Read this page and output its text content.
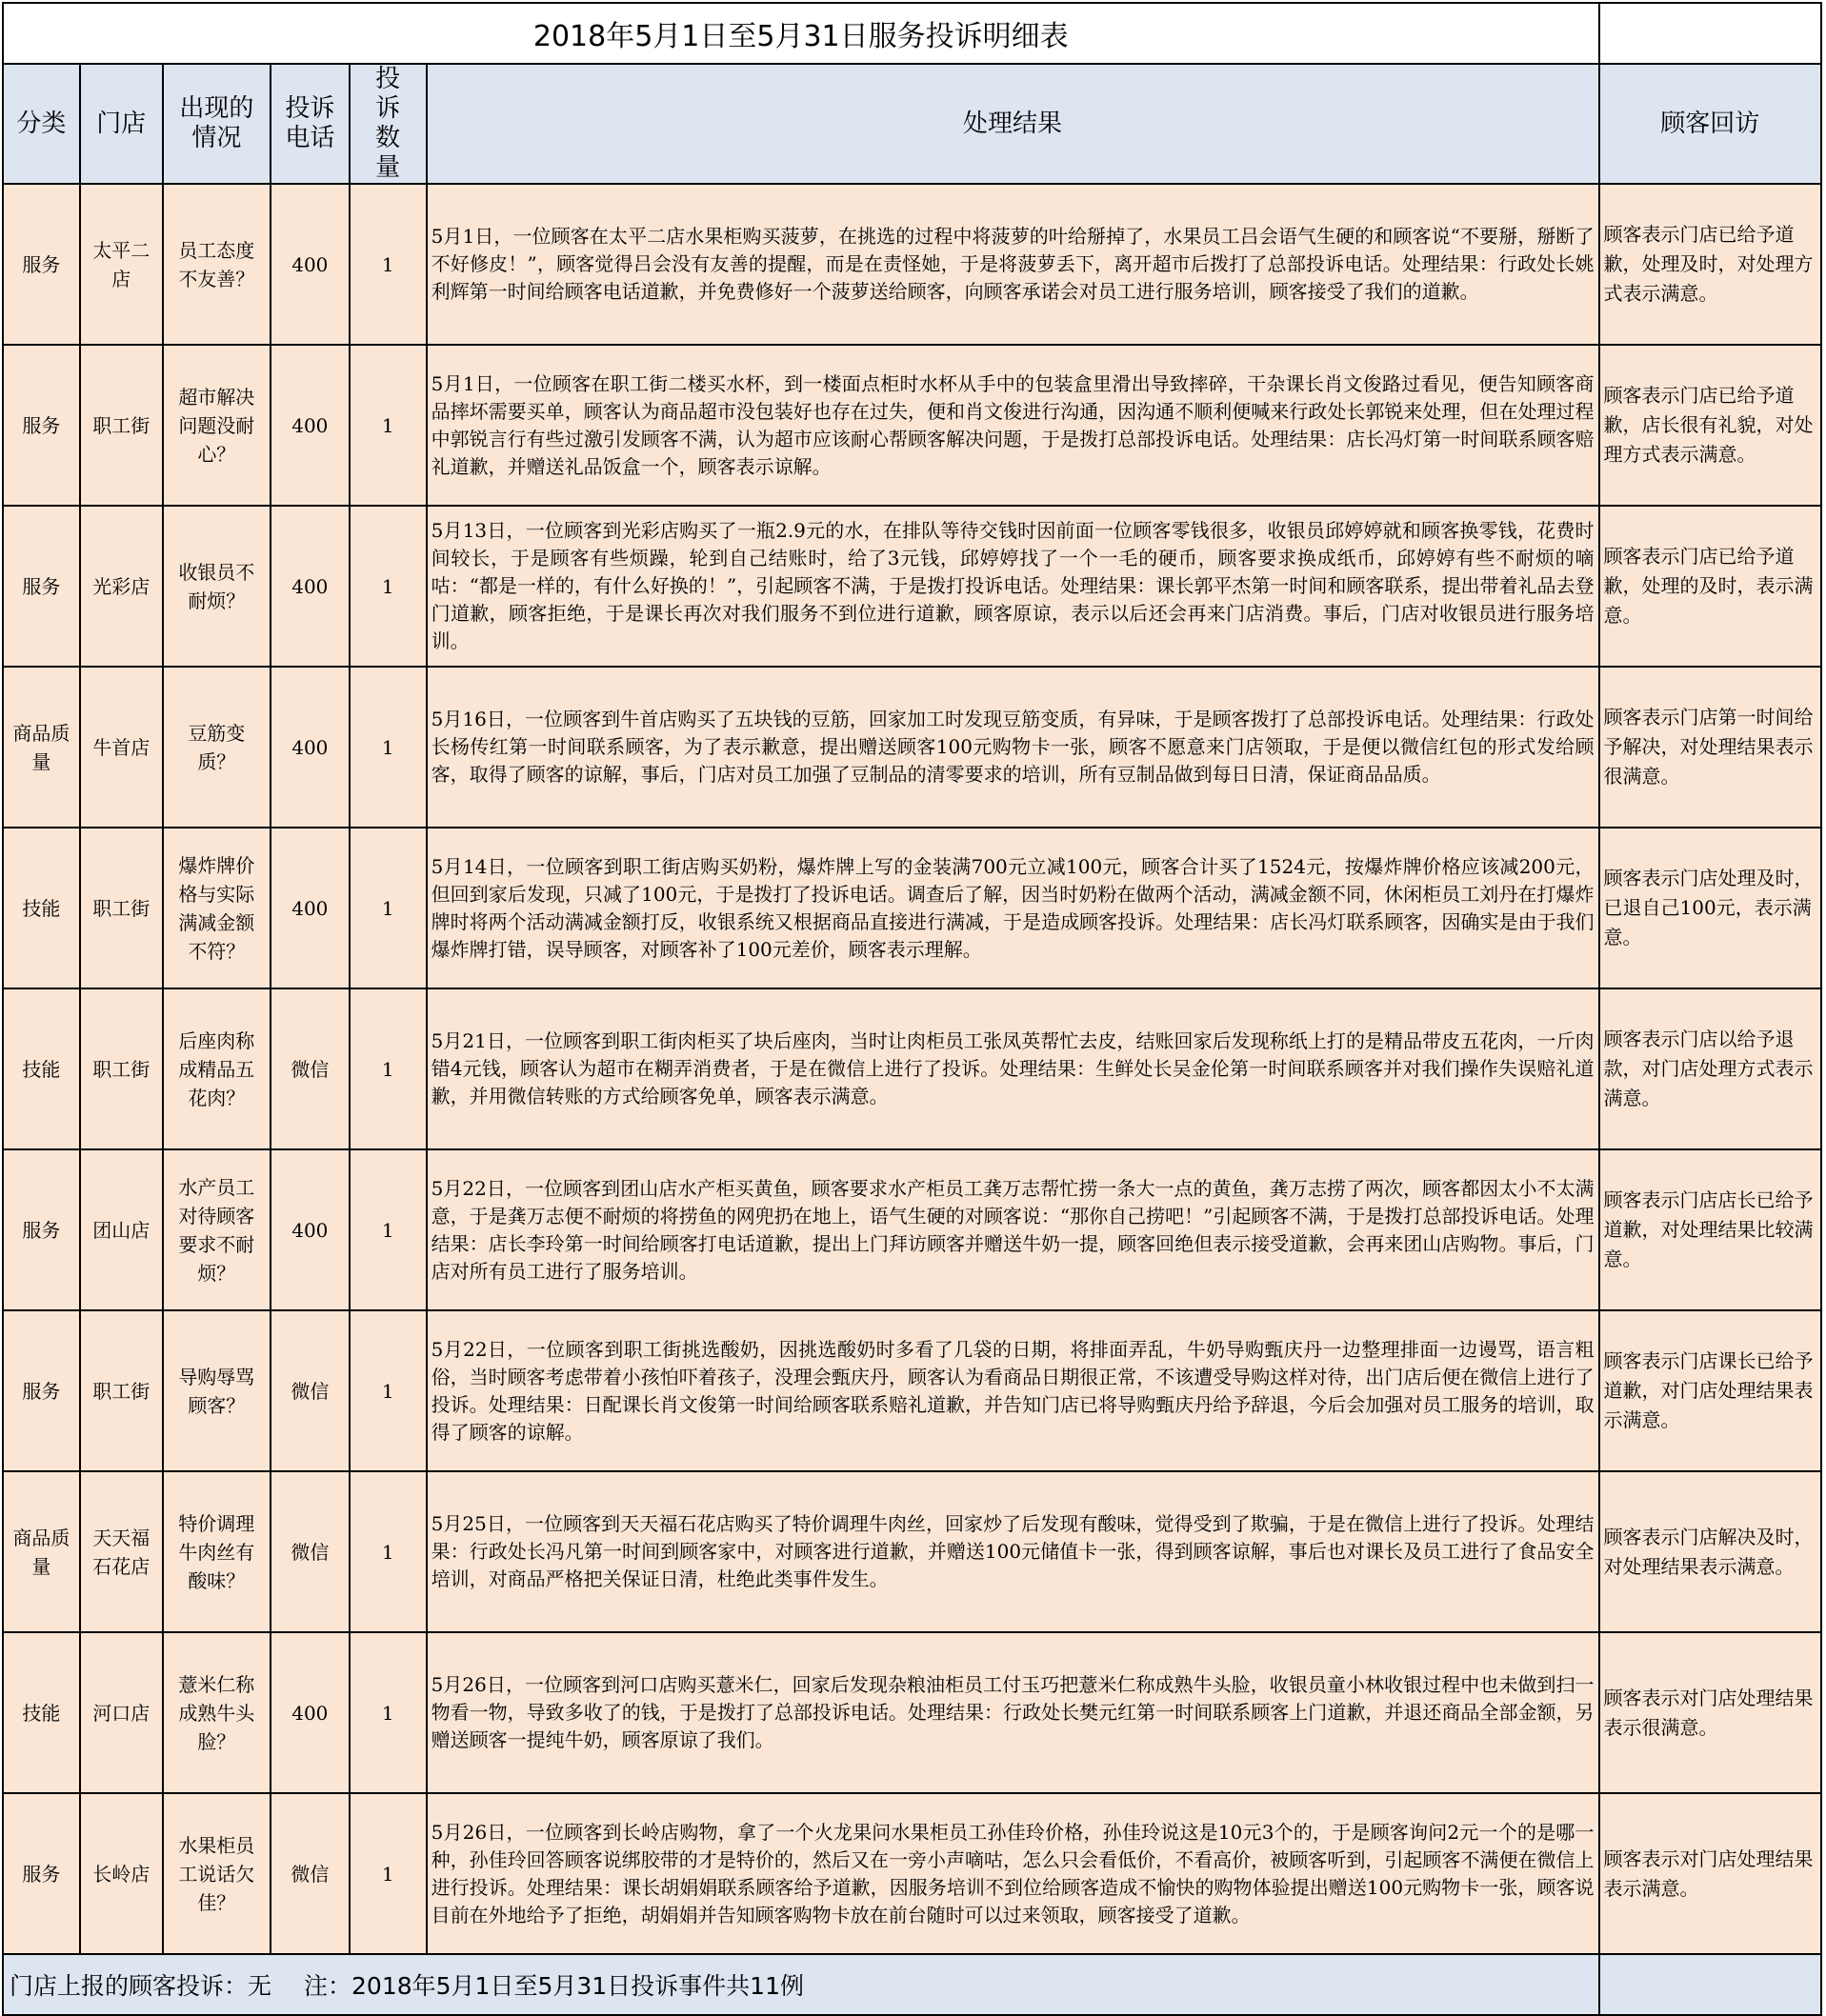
2018年5月1日至5月31日服务投诉明细表						
分类	门店	出现的情况	投诉电话	投诉数量	处理结果	顾客回访
服务	太平二店	员工态度不友善？	400	1	5月1日，一位顾客在太平二店水果柜购买菠萝，在挑选的过程中将菠萝的叶给掰掉了，水果员工吕会语气生硬的和顾客说“不要掰，掰断了不好修皮！”，顾客觉得吕会没有友善的提醒，而是在责怪她，于是将菠萝丢下，离开超市后拨打了总部投诉电话。处理结果：行政处长姚利辉第一时间给顾客电话道歉，并免费修好一个菠萝送给顾客，向顾客承诺会对员工进行服务培训，顾客接受了我们的道歉。	顾客表示门店已给予道歉，处理及时，对处理方式表示满意。
服务	职工街	超市解决问题没耐心？	400	1	5月1日，一位顾客在职工街二楼买水杯，到一楼面点柜时水杯从手中的包装盒里滑出导致摔碎，干杂课长肖文俊路过看见，便告知顾客商品摔坏需要买单，顾客认为商品超市没包装好也存在过失，便和肖文俊进行沟通，因沟通不顺利便喊来行政处长郭锐来处理，但在处理过程中郭锐言行有些过激引发顾客不满，认为超市应该耐心帮顾客解决问题，于是拨打总部投诉电话。处理结果：店长冯灯第一时间联系顾客赔礼道歉，并赠送礼品饭盒一个，顾客表示谅解。	顾客表示门店已给予道歉，店长很有礼貌，对处理方式表示满意。
服务	光彩店	收银员不耐烦？	400	1	5月13日，一位顾客到光彩店购买了一瓶2.9元的水，在排队等待交钱时因前面一位顾客零钱很多，收银员邱婷婷就和顾客换零钱，花费时间较长，于是顾客有些烦躁，轮到自己结账时，给了3元钱，邱婷婷找了一个一毛的硬币，顾客要求换成纸币，邱婷婷有些不耐烦的嘀咕：“都是一样的，有什么好换的！”，引起顾客不满，于是拨打投诉电话。处理结果：课长郭平杰第一时间和顾客联系，提出带着礼品去登门道歉，顾客拒绝，于是课长再次对我们服务不到位进行道歉，顾客原谅，表示以后还会再来门店消费。事后，门店对收银员进行服务培训。	顾客表示门店已给予道歉，处理的及时，表示满意。
商品质量	牛首店	豆筋变质？	400	1	5月16日，一位顾客到牛首店购买了五块钱的豆筋，回家加工时发现豆筋变质，有异味，于是顾客拨打了总部投诉电话。处理结果：行政处长杨传红第一时间联系顾客，为了表示歉意，提出赠送顾客100元购物卡一张，顾客不愿意来门店领取，于是便以微信红包的形式发给顾客，取得了顾客的谅解，事后，门店对员工加强了豆制品的清零要求的培训，所有豆制品做到每日日清，保证商品品质。	顾客表示门店第一时间给予解决，对处理结果表示很满意。
技能	职工街	爆炸牌价格与实际满减金额不符？	400	1	5月14日，一位顾客到职工街店购买奶粉，爆炸牌上写的金装满700元立减100元，顾客合计买了1524元，按爆炸牌价格应该减200元，但回到家后发现，只减了100元，于是拨打了投诉电话。调查后了解，因当时奶粉在做两个活动，满减金额不同，休闲柜员工刘丹在打爆炸牌时将两个活动满减金额打反，收银系统又根据商品直接进行满减，于是造成顾客投诉。处理结果：店长冯灯联系顾客，因确实是由于我们爆炸牌打错，误导顾客，对顾客补了100元差价，顾客表示理解。	顾客表示门店处理及时，已退自己100元，表示满意。
技能	职工街	后座肉称成精品五花肉？	微信	1	5月21日，一位顾客到职工街肉柜买了块后座肉，当时让肉柜员工张凤英帮忙去皮，结账回家后发现称纸上打的是精品带皮五花肉，一斤肉错4元钱，顾客认为超市在糊弄消费者，于是在微信上进行了投诉。处理结果：生鲜处长吴金伦第一时间联系顾客并对我们操作失误赔礼道歉，并用微信转账的方式给顾客免单，顾客表示满意。	顾客表示门店以给予退款，对门店处理方式表示满意。
服务	团山店	水产员工对待顾客要求不耐烦？	400	1	5月22日，一位顾客到团山店水产柜买黄鱼，顾客要求水产柜员工龚万志帮忙捞一条大一点的黄鱼，龚万志捞了两次，顾客都因太小不太满意，于是龚万志便不耐烦的将捞鱼的网兜扔在地上，语气生硬的对顾客说：“那你自己捞吧！”引起顾客不满，于是拨打总部投诉电话。处理结果：店长李玲第一时间给顾客打电话道歉，提出上门拜访顾客并赠送牛奶一提，顾客回绝但表示接受道歉，会再来团山店购物。事后，门店对所有员工进行了服务培训。	顾客表示门店店长已给予道歉，对处理结果比较满意。
服务	职工街	导购辱骂顾客？	微信	1	5月22日，一位顾客到职工街挑选酸奶，因挑选酸奶时多看了几袋的日期，将排面弄乱，牛奶导购甄庆丹一边整理排面一边谩骂，语言粗俗，当时顾客考虑带着小孩怕吓着孩子，没理会甄庆丹，顾客认为看商品日期很正常，不该遭受导购这样对待，出门店后便在微信上进行了投诉。处理结果：日配课长肖文俊第一时间给顾客联系赔礼道歉，并告知门店已将导购甄庆丹给予辞退，今后会加强对员工服务的培训，取得了顾客的谅解。	顾客表示门店课长已给予道歉，对门店处理结果表示满意。
商品质量	天天福石花店	特价调理牛肉丝有酸味？	微信	1	5月25日，一位顾客到天天福石花店购买了特价调理牛肉丝，回家炒了后发现有酸味，觉得受到了欺骗，于是在微信上进行了投诉。处理结果：行政处长冯凡第一时间到顾客家中，对顾客进行道歉，并赠送100元储值卡一张，得到顾客谅解，事后也对课长及员工进行了食品安全培训，对商品严格把关保证日清，杜绝此类事件发生。	顾客表示门店解决及时，对处理结果表示满意。
技能	河口店	薏米仁称成熟牛头脸？	400	1	5月26日，一位顾客到河口店购买薏米仁，回家后发现杂粮油柜员工付玉巧把薏米仁称成熟牛头脸，收银员童小林收银过程中也未做到扫一物看一物，导致多收了的钱，于是拨打了总部投诉电话。处理结果：行政处长樊元红第一时间联系顾客上门道歉，并退还商品全部金额，另赠送顾客一提纯牛奶，顾客原谅了我们。	顾客表示对门店处理结果表示很满意。
服务	长岭店	水果柜员工说话欠佳？	微信	1	5月26日，一位顾客到长岭店购物，拿了一个火龙果问水果柜员工孙佳玲价格，孙佳玲说这是10元3个的，于是顾客询问2元一个的是哪一种，孙佳玲回答顾客说绑胶带的才是特价的，然后又在一旁小声嘀咕，怎么只会看低价，不看高价，被顾客听到，引起顾客不满便在微信上进行投诉。处理结果：课长胡娟娟联系顾客给予道歉，因服务培训不到位给顾客造成不愉快的购物体验提出赠送100元购物卡一张，顾客说目前在外地给予了拒绝，胡娟娟并告知顾客购物卡放在前台随时可以过来领取，顾客接受了道歉。	顾客表示对门店处理结果表示满意。
门店上报的顾客投诉：无 注：2018年5月1日至5月31日投诉事件共11例						
